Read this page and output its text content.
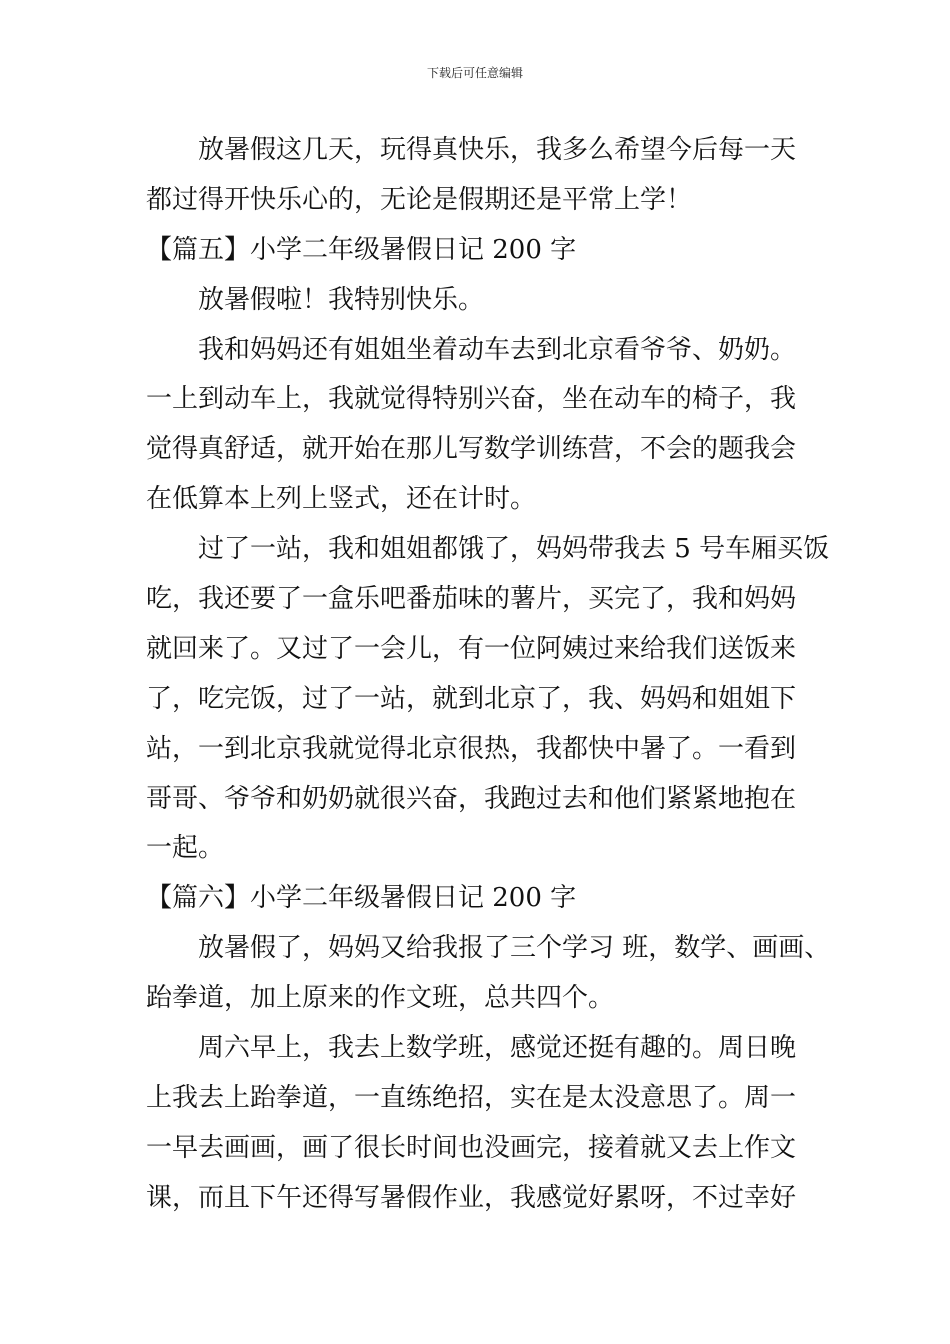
下载后可任意编辑
放暑假这几天，玩得真快乐，我多么希望今后每一天
都过得开快乐心的，无论是假期还是平常上学！
【篇五】小学二年级暑假日记 200 字
放暑假啦！我特别快乐。
我和妈妈还有姐姐坐着动车去到北京看爷爷、奶奶。
一上到动车上，我就觉得特别兴奋，坐在动车的椅子，我
觉得真舒适，就开始在那儿写数学训练营，不会的题我会
在低算本上列上竖式，还在计时。
过了一站，我和姐姐都饿了，妈妈带我去 5 号车厢买饭
吃，我还要了一盒乐吧番茄味的薯片，买完了，我和妈妈
就回来了。又过了一会儿，有一位阿姨过来给我们送饭来
了，吃完饭，过了一站，就到北京了，我、妈妈和姐姐下
站，一到北京我就觉得北京很热，我都快中暑了。一看到
哥哥、爷爷和奶奶就很兴奋，我跑过去和他们紧紧地抱在
一起。
【篇六】小学二年级暑假日记 200 字
放暑假了，妈妈又给我报了三个学习 班，数学、画画、
跆拳道，加上原来的作文班，总共四个。
周六早上，我去上数学班，感觉还挺有趣的。周日晚
上我去上跆拳道，一直练绝招，实在是太没意思了。周一
一早去画画，画了很长时间也没画完，接着就又去上作文
课，而且下午还得写暑假作业，我感觉好累呀，不过幸好
